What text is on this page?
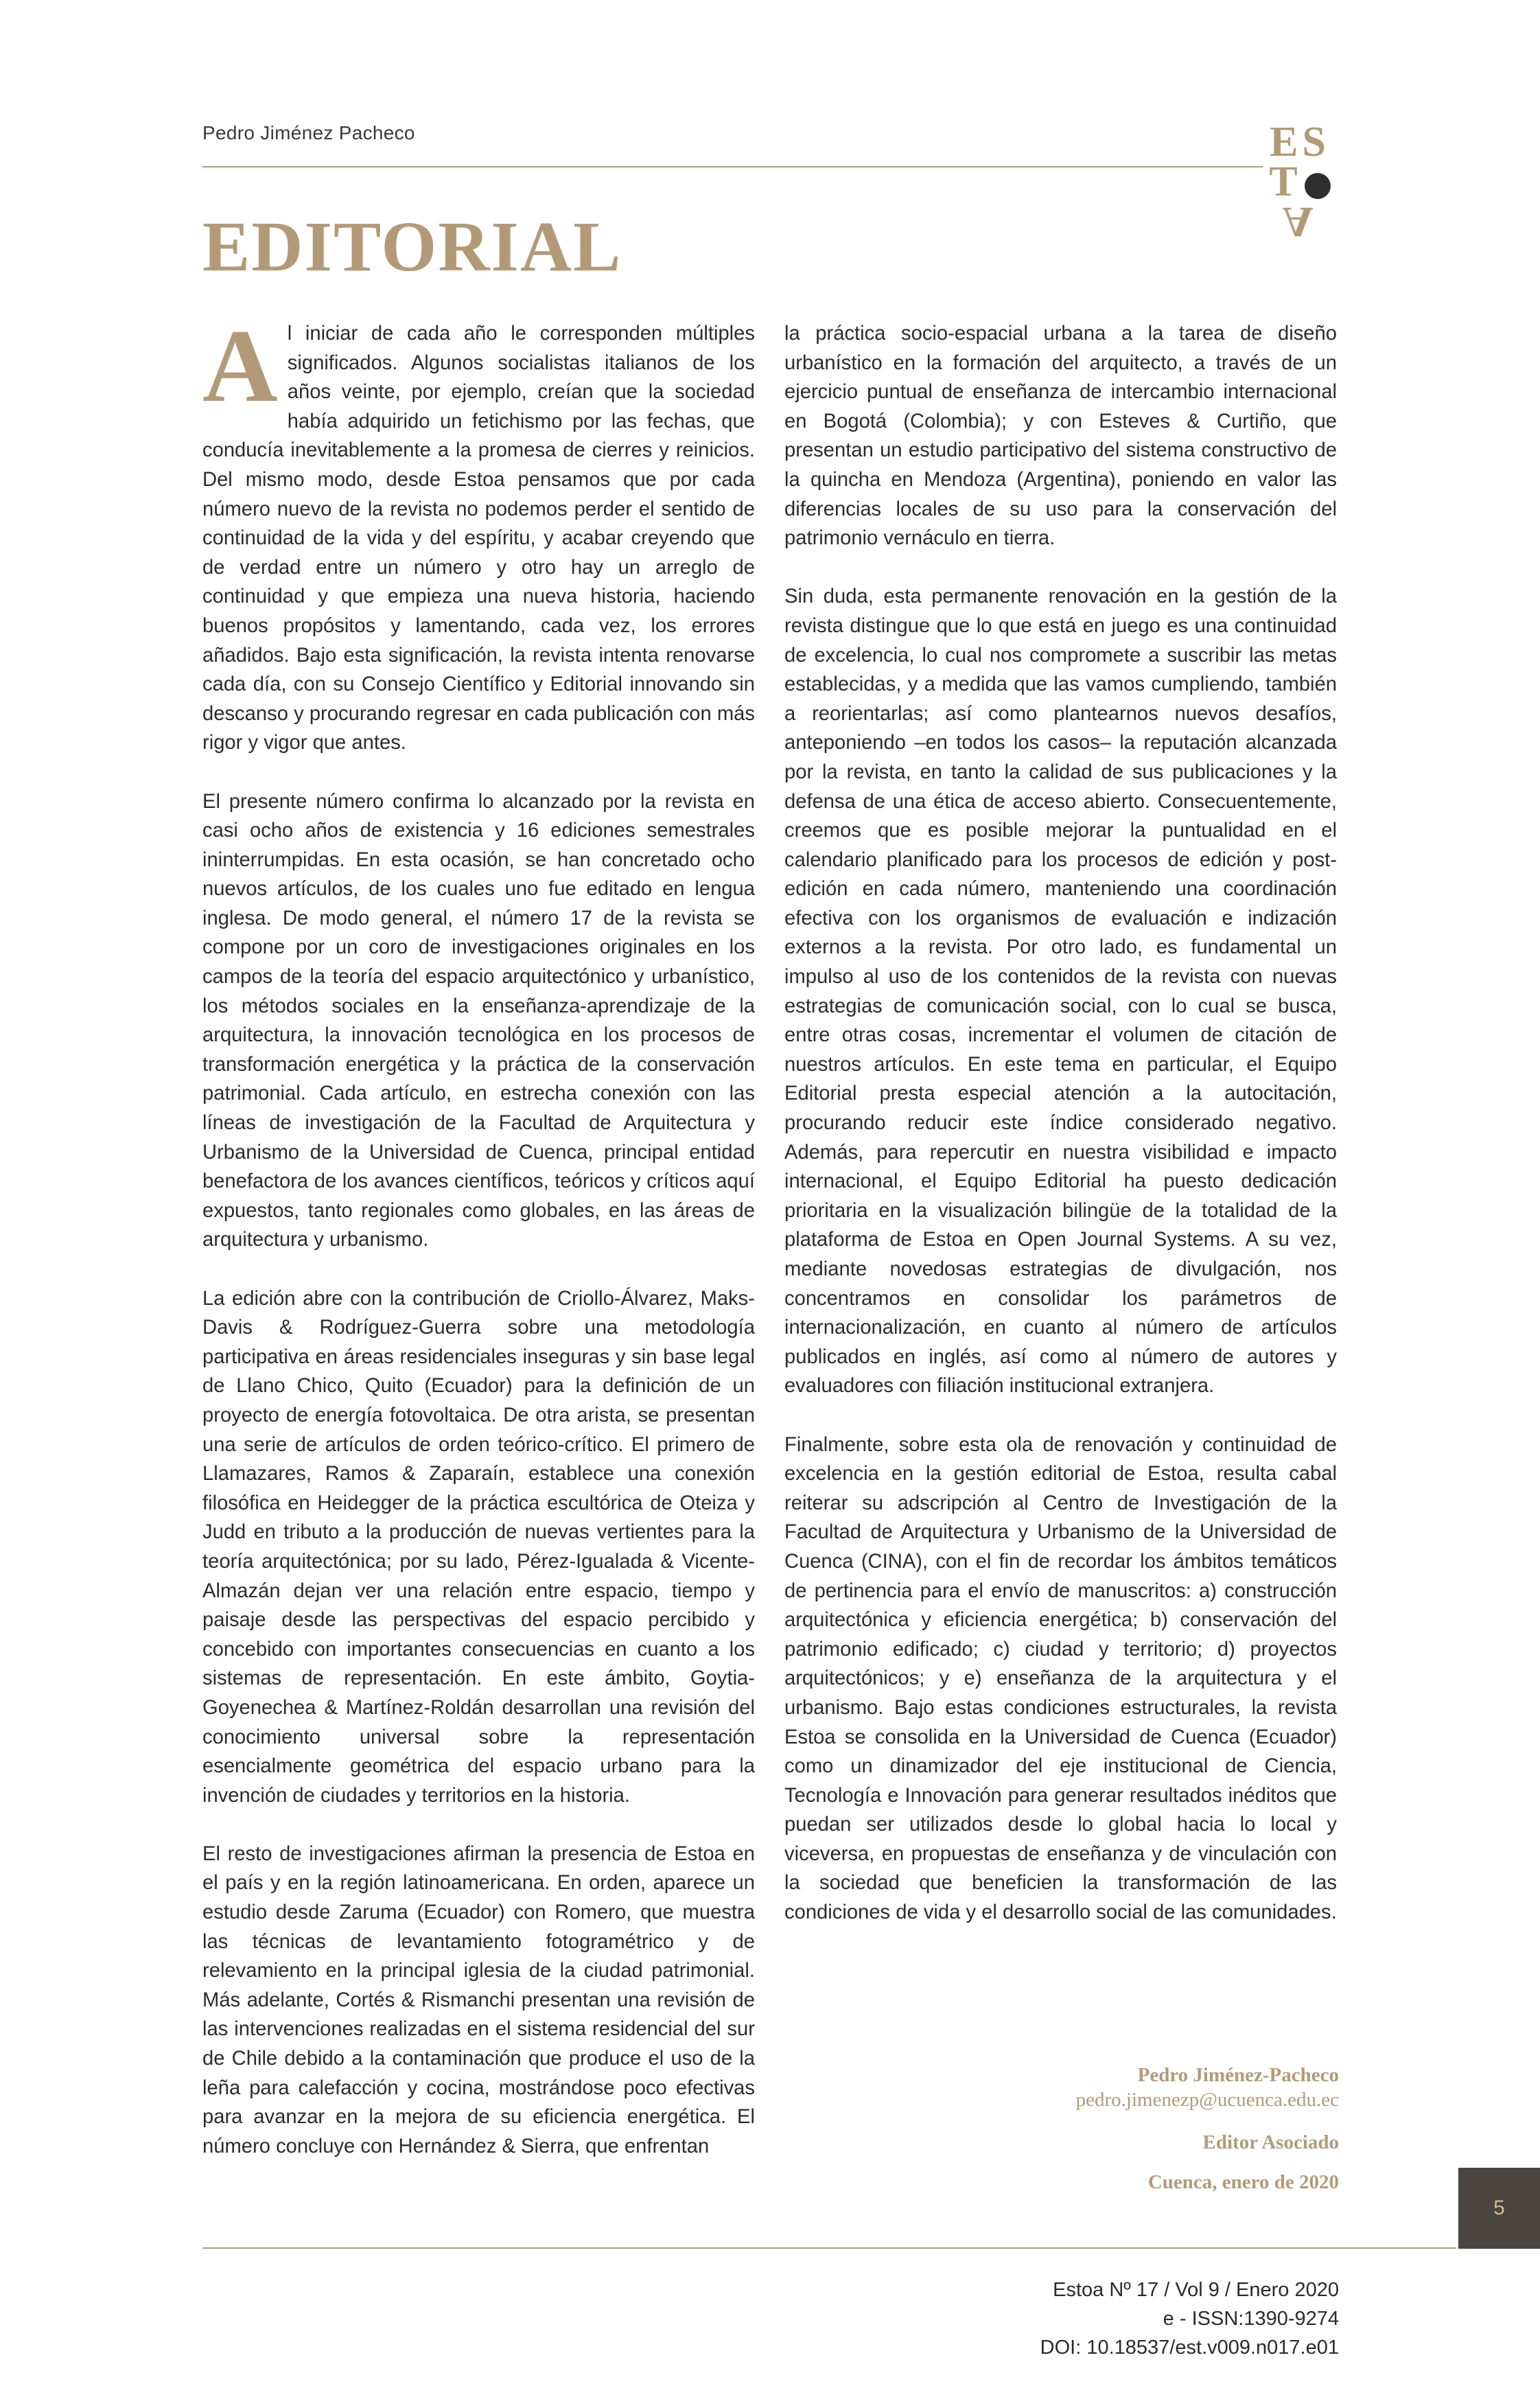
Pedro Jiménez Pacheco	ES
T
A
EDITORIAL

Al iniciar de cada año le corresponden múltiples significados. Algunos socialistas italianos de los años veinte, por ejemplo, creían que la sociedad había adquirido un fetichismo por las fechas, que conducía inevitablemente a la promesa de cierres y reinicios. Del mismo modo, desde Estoa pensamos que por cada número nuevo de la revista no podemos perder el sentido de continuidad de la vida y del espíritu, y acabar creyendo que de verdad entre un número y otro hay un arreglo de continuidad y que empieza una nueva historia, haciendo buenos propósitos y lamentando, cada vez, los errores añadidos. Bajo esta significación, la revista intenta renovarse cada día, con su Consejo Científico y Editorial innovando sin descanso y procurando regresar en cada publicación con más rigor y vigor que antes.

El presente número confirma lo alcanzado por la revista en casi ocho años de existencia y 16 ediciones semestrales ininterrumpidas. En esta ocasión, se han concretado ocho nuevos artículos, de los cuales uno fue editado en lengua inglesa. De modo general, el número 17 de la revista se compone por un coro de investigaciones originales en los campos de la teoría del espacio arquitectónico y urbanístico, los métodos sociales en la enseñanza-aprendizaje de la arquitectura, la innovación tecnológica en los procesos de transformación energética y la práctica de la conservación patrimonial. Cada artículo, en estrecha conexión con las líneas de investigación de la Facultad de Arquitectura y Urbanismo de la Universidad de Cuenca, principal entidad benefactora de los avances científicos, teóricos y críticos aquí expuestos, tanto regionales como globales, en las áreas de arquitectura y urbanismo.

La edición abre con la contribución de Criollo-Álvarez, Maks-Davis & Rodríguez-Guerra sobre una metodología participativa en áreas residenciales inseguras y sin base legal de Llano Chico, Quito (Ecuador) para la definición de un proyecto de energía fotovoltaica. De otra arista, se presentan una serie de artículos de orden teórico-crítico. El primero de Llamazares, Ramos & Zaparaín, establece una conexión filosófica en Heidegger de la práctica escultórica de Oteiza y Judd en tributo a la producción de nuevas vertientes para la teoría arquitectónica; por su lado, Pérez-Igualada & Vicente-Almazán dejan ver una relación entre espacio, tiempo y paisaje desde las perspectivas del espacio percibido y concebido con importantes consecuencias en cuanto a los sistemas de representación. En este ámbito, Goytia-Goyenechea & Martínez-Roldán desarrollan una revisión del conocimiento universal sobre la representación esencialmente geométrica del espacio urbano para la invención de ciudades y territorios en la historia.

El resto de investigaciones afirman la presencia de Estoa en el país y en la región latinoamericana. En orden, aparece un estudio desde Zaruma (Ecuador) con Romero, que muestra las técnicas de levantamiento fotogramétrico y de relevamiento en la principal iglesia de la ciudad patrimonial. Más adelante, Cortés & Rismanchi presentan una revisión de las intervenciones realizadas en el sistema residencial del sur de Chile debido a la contaminación que produce el uso de la leña para calefacción y cocina, mostrándose poco efectivas para avanzar en la mejora de su eficiencia energética. El número concluye con Hernández & Sierra, que enfrentan

la práctica socio-espacial urbana a la tarea de diseño urbanístico en la formación del arquitecto, a través de un ejercicio puntual de enseñanza de intercambio internacional en Bogotá (Colombia); y con Esteves & Curtiño, que presentan un estudio participativo del sistema constructivo de la quincha en Mendoza (Argentina), poniendo en valor las diferencias locales de su uso para la conservación del patrimonio vernáculo en tierra.

Sin duda, esta permanente renovación en la gestión de la revista distingue que lo que está en juego es una continuidad de excelencia, lo cual nos compromete a suscribir las metas establecidas, y a medida que las vamos cumpliendo, también a reorientarlas; así como plantearnos nuevos desafíos, anteponiendo –en todos los casos– la reputación alcanzada por la revista, en tanto la calidad de sus publicaciones y la defensa de una ética de acceso abierto. Consecuentemente, creemos que es posible mejorar la puntualidad en el calendario planificado para los procesos de edición y post-edición en cada número, manteniendo una coordinación efectiva con los organismos de evaluación e indización externos a la revista. Por otro lado, es fundamental un impulso al uso de los contenidos de la revista con nuevas estrategias de comunicación social, con lo cual se busca, entre otras cosas, incrementar el volumen de citación de nuestros artículos. En este tema en particular, el Equipo Editorial presta especial atención a la autocitación, procurando reducir este índice considerado negativo. Además, para repercutir en nuestra visibilidad e impacto internacional, el Equipo Editorial ha puesto dedicación prioritaria en la visualización bilingüe de la totalidad de la plataforma de Estoa en Open Journal Systems. A su vez, mediante novedosas estrategias de divulgación, nos concentramos en consolidar los parámetros de internacionalización, en cuanto al número de artículos publicados en inglés, así como al número de autores y evaluadores con filiación institucional extranjera.

Finalmente, sobre esta ola de renovación y continuidad de excelencia en la gestión editorial de Estoa, resulta cabal reiterar su adscripción al Centro de Investigación de la Facultad de Arquitectura y Urbanismo de la Universidad de Cuenca (CINA), con el fin de recordar los ámbitos temáticos de pertinencia para el envío de manuscritos: a) construcción arquitectónica y eficiencia energética; b) conservación del patrimonio edificado; c) ciudad y territorio; d) proyectos arquitectónicos; y e) enseñanza de la arquitectura y el urbanismo. Bajo estas condiciones estructurales, la revista Estoa se consolida en la Universidad de Cuenca (Ecuador) como un dinamizador del eje institucional de Ciencia, Tecnología e Innovación para generar resultados inéditos que puedan ser utilizados desde lo global hacia lo local y viceversa, en propuestas de enseñanza y de vinculación con la sociedad que beneficien la transformación de las condiciones de vida y el desarrollo social de las comunidades.

Pedro Jiménez-Pacheco
pedro.jimenezp@ucuenca.edu.ec
Editor Asociado
Cuenca, enero de 2020
5
Estoa Nº 17 / Vol 9 / Enero 2020
e - ISSN:1390-9274
DOI: 10.18537/est.v009.n017.e01
